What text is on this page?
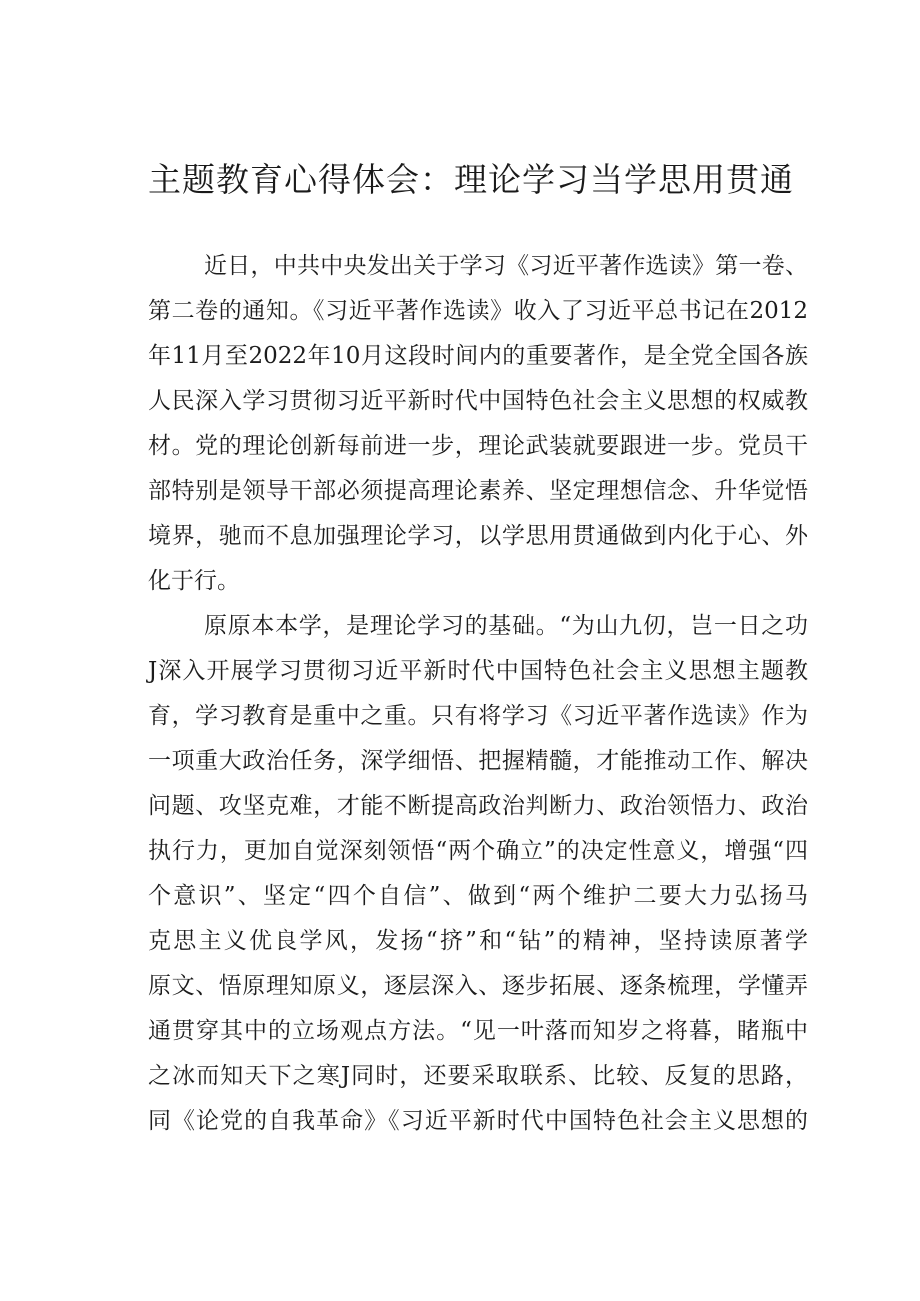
主题教育心得体会：理论学习当学思用贯通

近日，中共中央发出关于学习《习近平著作选读》第一卷、
第二卷的通知。《习近平著作选读》收入了习近平总书记在2012
年11月至2022年10月这段时间内的重要著作，是全党全国各族
人民深入学习贯彻习近平新时代中国特色社会主义思想的权威教
材。党的理论创新每前进一步，理论武装就要跟进一步。党员干
部特别是领导干部必须提高理论素养、坚定理想信念、升华觉悟
境界，驰而不息加强理论学习，以学思用贯通做到内化于心、外
化于行。

原原本本学，是理论学习的基础。“为山九仞，岂一日之功
J深入开展学习贯彻习近平新时代中国特色社会主义思想主题教
育，学习教育是重中之重。只有将学习《习近平著作选读》作为
一项重大政治任务，深学细悟、把握精髓，才能推动工作、解决
问题、攻坚克难，才能不断提高政治判断力、政治领悟力、政治
执行力，更加自觉深刻领悟“两个确立”的决定性意义，增强“四
个意识”、坚定“四个自信”、做到“两个维护二要大力弘扬马
克思主义优良学风，发扬“挤”和“钻”的精神，坚持读原著学
原文、悟原理知原义，逐层深入、逐步拓展、逐条梳理，学懂弄
通贯穿其中的立场观点方法。“见一叶落而知岁之将暮，睹瓶中
之冰而知天下之寒J同时，还要采取联系、比较、反复的思路，
同《论党的自我革命》《习近平新时代中国特色社会主义思想的
